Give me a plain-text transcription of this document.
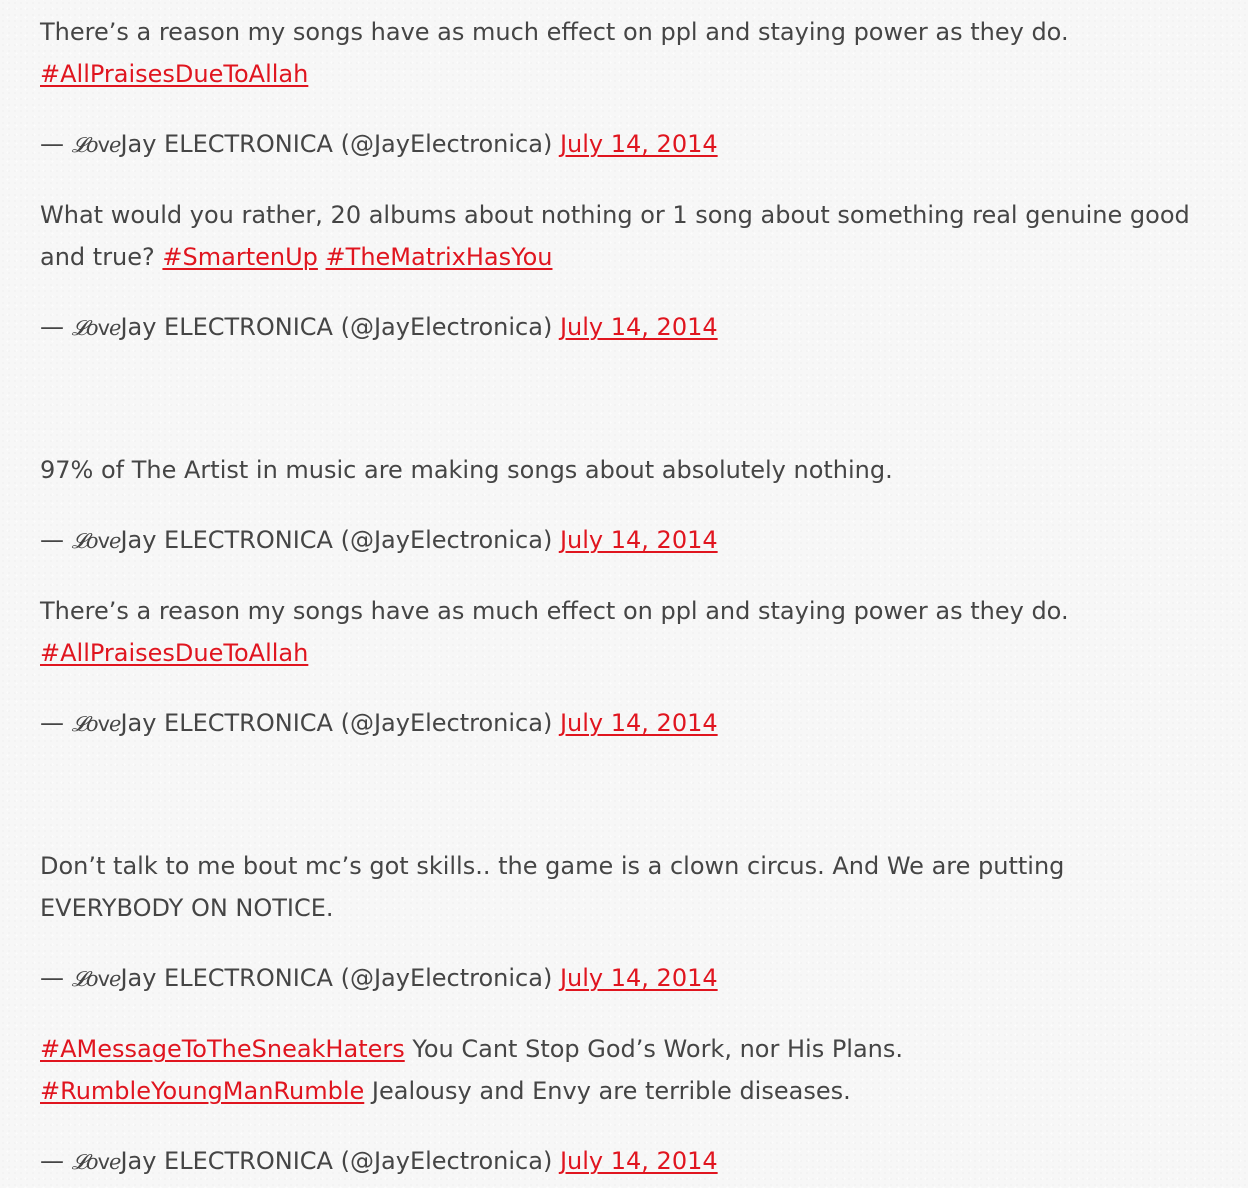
There’s a reason my songs have as much effect on ppl and staying power as they do.
#AllPraisesDueToAllah

— 𝓛oveJay ELECTRONICA (@JayElectronica) July 14, 2014

What would you rather, 20 albums about nothing or 1 song about something real genuine good and true? #SmartenUp #TheMatrixHasYou

— 𝓛oveJay ELECTRONICA (@JayElectronica) July 14, 2014

97% of The Artist in music are making songs about absolutely nothing.

— 𝓛oveJay ELECTRONICA (@JayElectronica) July 14, 2014

There’s a reason my songs have as much effect on ppl and staying power as they do.
#AllPraisesDueToAllah

— 𝓛oveJay ELECTRONICA (@JayElectronica) July 14, 2014

Don’t talk to me bout mc’s got skills.. the game is a clown circus. And We are putting EVERYBODY ON NOTICE.

— 𝓛oveJay ELECTRONICA (@JayElectronica) July 14, 2014

#AMessageToTheSneakHaters You Cant Stop God’s Work, nor His Plans.
#RumbleYoungManRumble Jealousy and Envy are terrible diseases.

— 𝓛oveJay ELECTRONICA (@JayElectronica) July 14, 2014
